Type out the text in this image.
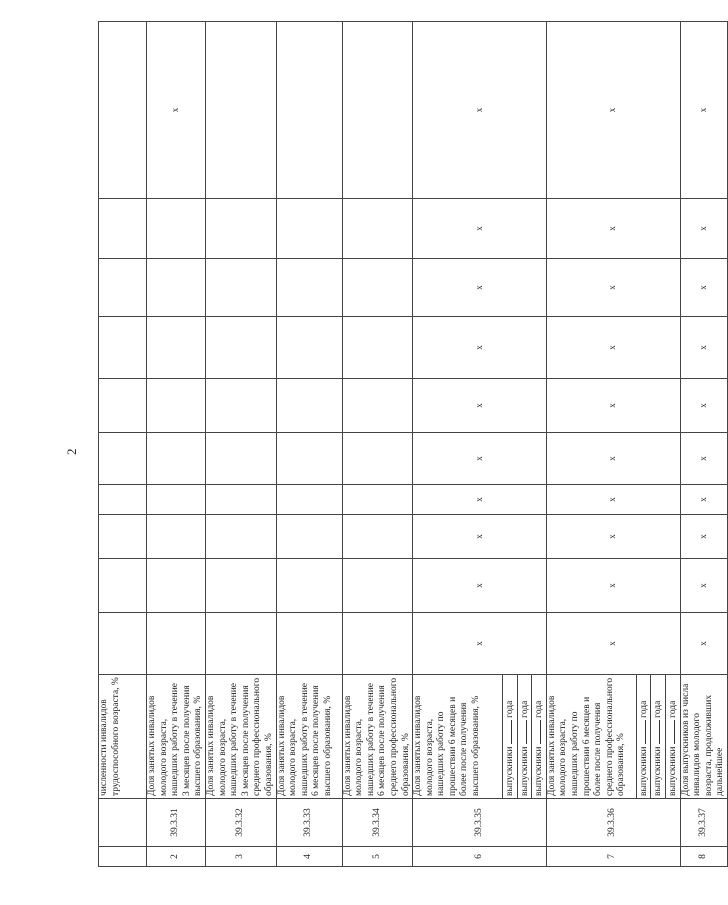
2
		численности инвалидов трудоспособного возраста, %										
2	39.3.31	Доля занятых инвалидов молодого возраста, нашедших работу в течение 3 месяцев после получения высшего образования, %										x
3	39.3.32	Доля занятых инвалидов молодого возраста, нашедших работу в течение 3 месяцев после получения среднего профессионального образования, %										
4	39.3.33	Доля занятых инвалидов молодого возраста, нашедших работу в течение 6 месяцев после получения высшего образования, %										
5	39.3.34	Доля занятых инвалидов молодого возраста, нашедших работу в течение 6 месяцев после получения среднего профессионального образования, %										
6	39.3.35	Доля занятых инвалидов молодого возраста, нашедших работу по прошествии 6 месяцев и более после получения высшего образования, %	x	x	x	x	x	x	x	x	x	x
		выпускники  года										
		выпускники  года										
		выпускники  года										
7	39.3.36	Доля занятых инвалидов молодого возраста, нашедших работу по прошествии 6 месяцев и более после получения среднего профессионального образования, %	x	x	x	x	x	x	x	x	x	x
		выпускники  года										
		выпускники  года										
		выпускники  года										
8	39.3.37	Доля выпускников из числа инвалидов молодого возраста, продолживших дальнейшее	x	x	x	x	x	x	x	x	x	x
